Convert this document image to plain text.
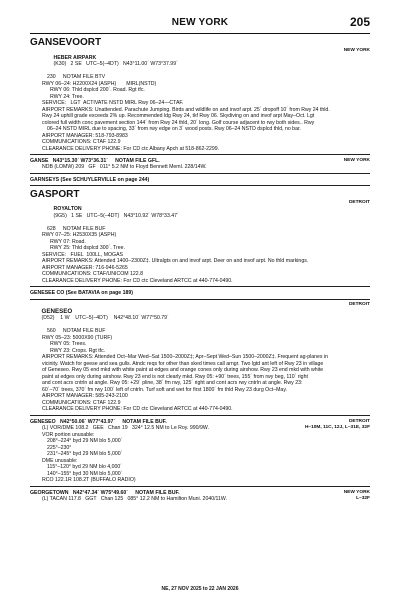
NEW YORK	205
GANSEVOORT

HEBER AIRPARK
(K30)   2 SE   UTC–5(–4DT)   N43°11.00´ W73°37.99´

NEW YORK
230     NOTAM FILE BTV
RWY 06–24: H2200X24 (ASPH)       MIRL(NSTD)
RWY 06: Thld dsplcd 200´. Road. Rgt tfc.
RWY 24: Tree.
SERVICE:   LGT  ACTIVATE NSTD MIRL Rwy 06–24—CTAF.
AIRPORT REMARKS: Unattended. Parachute Jumping. Birds and wildlife on and invof arpt. 25´ dropoff 10´ from Rwy 24 thld.
Rwy 24 uphill grade exceeds 2% up. Recommended ldg Rwy 24, tkf Rwy 06. Skydiving on and invof arpt May–Oct. Lgt
colored full width conc pavement section 144´ from Rwy 24 thld, 20´ long. Golf course adjacent to rwy both sides.. Rwy
06–24 NSTD MIRL due to spacing, 33´ from rwy edge on 3´ wood posts. Rwy 06–24 NSTD dsplcd thld, no bar.
AIRPORT MANAGER: 518-793-8983
COMMUNICATIONS: CTAF 122.9
CLEARANCE DELIVERY PHONE: For CD ctc Albany Apch at 518-862-2299.
GANSE   N43°15.30´ W73°36.31´     NOTAM FILE GFL.	NEW YORK
NDB (LOMW) 209   GF   011° 5.2 NM to Floyd Bennett Meml. 228/14W.
GARNSEYS (See SCHUYLERVILLE on page 244)
GASPORT

ROYALTON
(9G5)   1 SE   UTC–5(–4DT)   N43°10.92´ W78°33.47´

DETROIT
628     NOTAM FILE BUF
RWY 07–25: H2530X35 (ASPH)
RWY 07: Road.
RWY 25: Thld dsplcd 300´. Tree.
SERVICE:   FUEL  100LL, MOGAS
AIRPORT REMARKS: Attended 1400–2300Z‡. Ultralgts on and invof arpt. Deer on and invof arpt. No thld markings.
AIRPORT MANAGER: 716-946-5265
COMMUNICATIONS: CTAF/UNICOM 122.8
CLEARANCE DELIVERY PHONE: For CD ctc Cleveland ARTCC at 440-774-0490.
GENESEE CO (See BATAVIA on page 189)

GENESEO
(D52)    1 W    UTC–5(–4DT)    N42°48.10´ W77°50.79´

DETROIT
560     NOTAM FILE BUF
RWY 05–23: 5000X90 (TURF)
RWY 05: Trees.
RWY 23: Crops. Rgt tfc.
AIRPORT REMARKS: Attended Oct–Mar Wed–Sat 1500–2000Z‡; Apr–Sept Wed–Sun 1500–2000Z‡. Frequent ag-planes in
vicinity. Watch for geese and sea gulls. Atndc reqs for other than sked times call arngr. Two lgtd ant left of Rwy 23 in village
of Geneseo. Rwy 05 end mkd with white paint at edges and orange cones only during airshow. Rwy 23 end mkd with white
paint at edges only during airshow. Rwy 23 end is not clearly mkd. Rwy 05: +90´ trees, 155´ from rwy beg, 110´ right
and cont acrs cntrln at angle. Rwy 05: +29´ pline, 38´ fm rwy, 125´ right and cont acrs rwy cntrln at angle. Rwy 23:
60´–70´ trees, 370´ fm rwy 100´ left of cntrln. Turf soft and wet for first 1800´ fm thld Rwy 23 durg Oct–May.
AIRPORT MANAGER: 585-243-2100
COMMUNICATIONS: CTAF 122.9
CLEARANCE DELIVERY PHONE: For CD ctc Cleveland ARTCC at 440-774-0490.
GENESEO   N42°50.06´ W77°43.97´     NOTAM FILE BUF.	DETROIT
H–10M, 11C, 12J, L–31E, 32F
(L) VOR/DME 108.2   GEE   Chan 19   324° 12.5 NM to Le Roy. 990/9W.
VOR portion unusable:
208°–224° byd 29 NM blo 5,000´
225°–230°
231°–245° byd 29 NM blo 5,000´
DME unusable:
115°–120° byd 29 NM blo 4,000´
140°–155° byd 30 NM blo 5,000´
RCO 122.1R 108.2T (BUFFALO RADIO)
GEORGETOWN   N42°47.34´ W75°49.60´     NOTAM FILE BUF.	NEW YORK
L–32F
(L) TACAN 117.8   GGT   Chan 125   085° 12.2 NM to Hamilton Muni. 2040/11W.
NE, 27 NOV 2025 to 22 JAN 2026
